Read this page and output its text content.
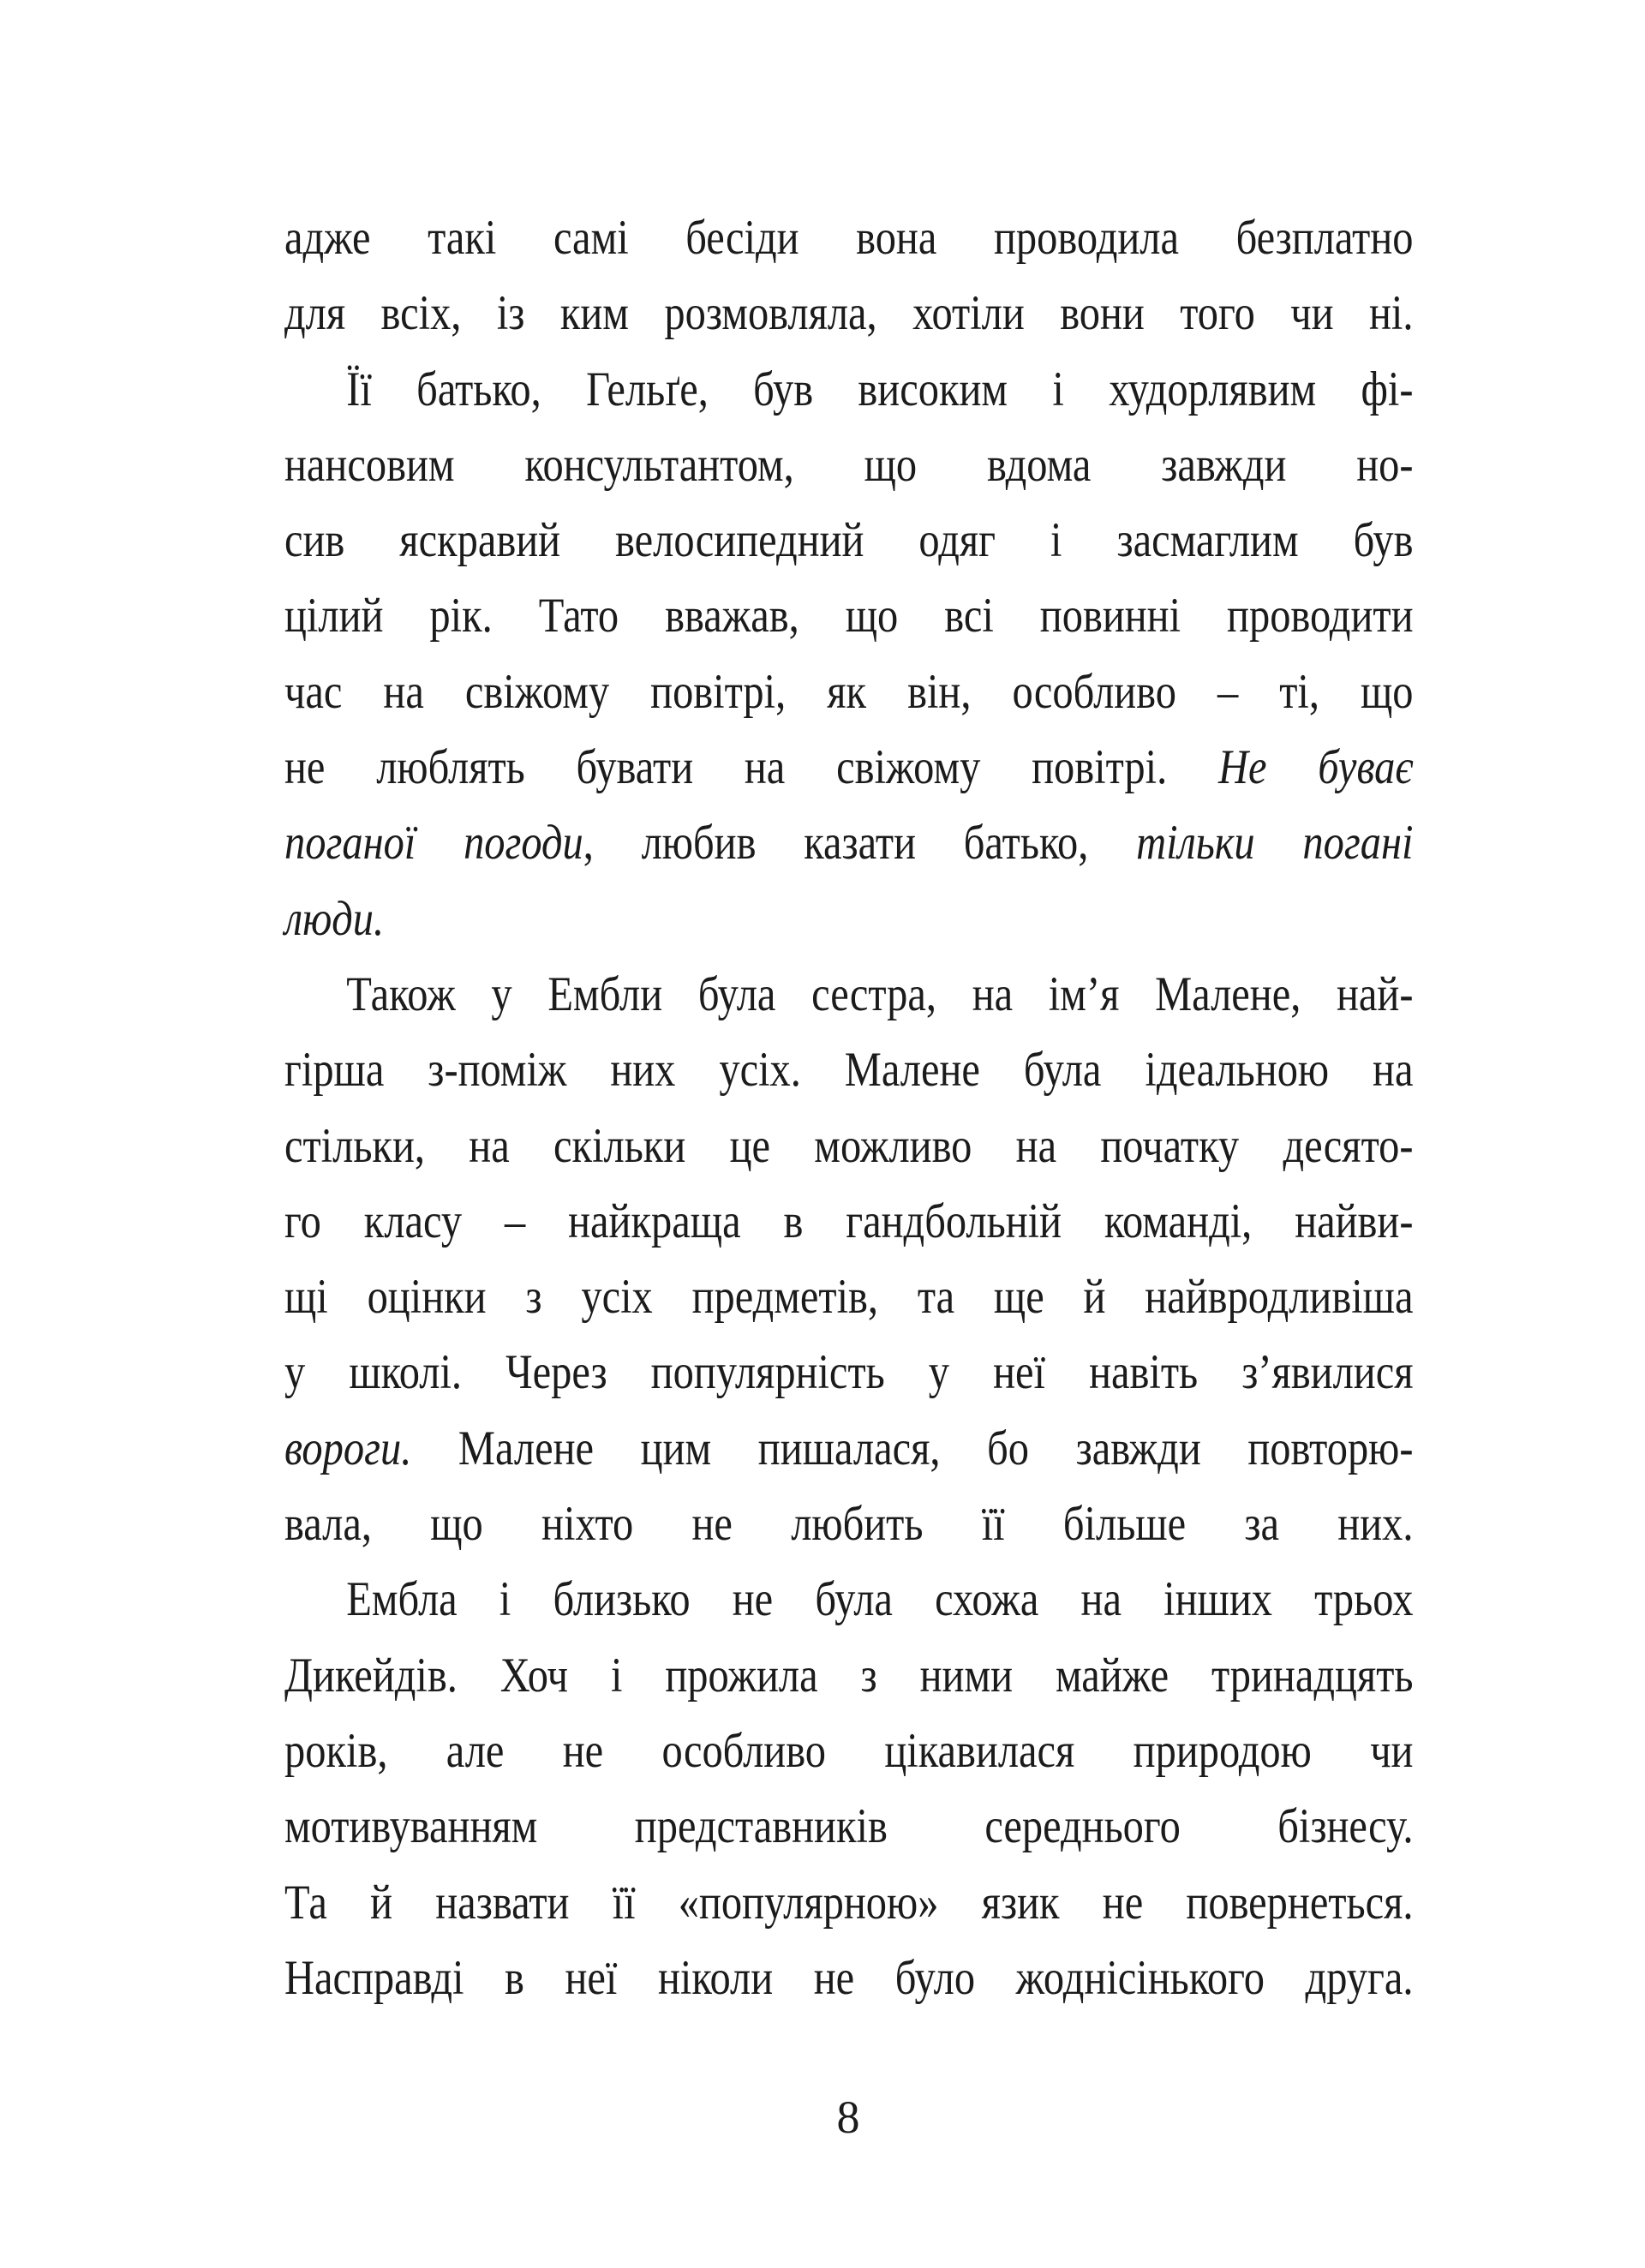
адже такі самі бесіди вона проводила безплатно
для всіх, із ким розмовляла, хотіли вони того чи ні.
Її батько, Гельґе, був високим і худорлявим фі-
нансовим консультантом, що вдома завжди но-
сив яскравий велосипедний одяг і засмаглим був
цілий рік. Тато вважав, що всі повинні проводити
час на свіжому повітрі, як він, особливо – ті, що
не люблять бувати на свіжому повітрі. Не буває
поганої погоди, любив казати батько, тільки погані
люди.
Також у Ембли була сестра, на ім’я Малене, най-
гірша з-поміж них усіх. Малене була ідеальною на
стільки, на скільки це можливо на початку десято-
го класу – найкраща в гандбольній команді, найви-
щі оцінки з усіх предметів, та ще й найвродливіша
у школі. Через популярність у неї навіть з’явилися
вороги. Малене цим пишалася, бо завжди повторю-
вала, що ніхто не любить її більше за них.
Ембла і близько не була схожа на інших трьох
Дикейдів. Хоч і прожила з ними майже тринадцять
років, але не особливо цікавилася природою чи
мотивуванням представників середнього бізнесу.
Та й назвати її «популярною» язик не повернеться.
Насправді в неї ніколи не було жоднісінького друга.
8
